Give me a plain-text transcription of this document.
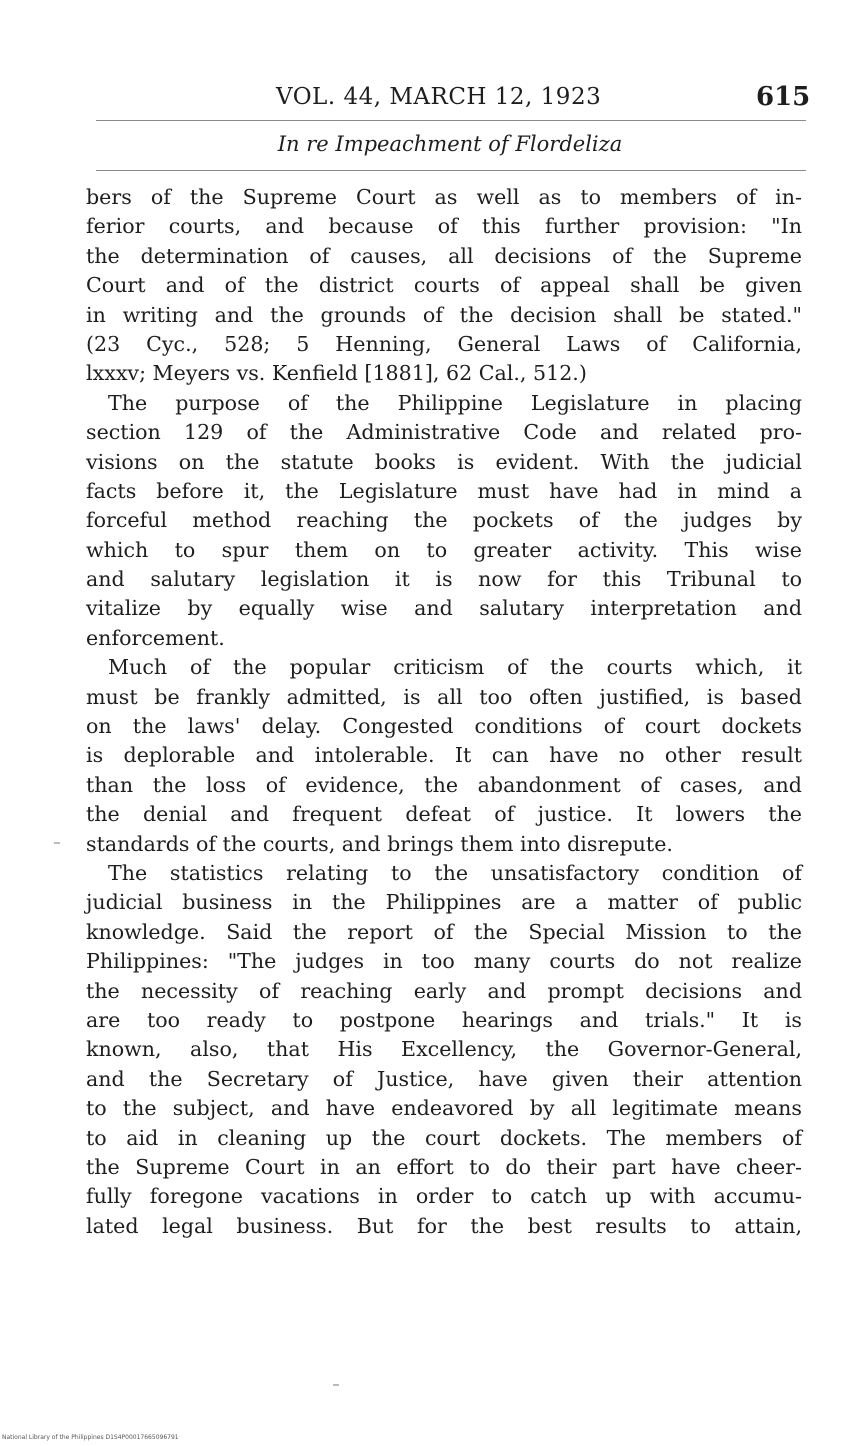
VOL. 44, MARCH 12, 1923	615
In re Impeachment of Flordeliza
bers of the Supreme Court as well as to members of in-
ferior courts, and because of this further provision: "In
the determination of causes, all decisions of the Supreme
Court and of the district courts of appeal shall be given
in writing and the grounds of the decision shall be stated."
(23 Cyc., 528; 5 Henning, General Laws of California,
lxxxv; Meyers vs. Kenfield [1881], 62 Cal., 512.)
The purpose of the Philippine Legislature in placing
section 129 of the Administrative Code and related pro-
visions on the statute books is evident. With the judicial
facts before it, the Legislature must have had in mind a
forceful method reaching the pockets of the judges by
which to spur them on to greater activity. This wise
and salutary legislation it is now for this Tribunal to
vitalize by equally wise and salutary interpretation and
enforcement.
Much of the popular criticism of the courts which, it
must be frankly admitted, is all too often justified, is based
on the laws' delay. Congested conditions of court dockets
is deplorable and intolerable. It can have no other result
than the loss of evidence, the abandonment of cases, and
the denial and frequent defeat of justice. It lowers the
standards of the courts, and brings them into disrepute.
The statistics relating to the unsatisfactory condition of
judicial business in the Philippines are a matter of public
knowledge. Said the report of the Special Mission to the
Philippines: "The judges in too many courts do not realize
the necessity of reaching early and prompt decisions and
are too ready to postpone hearings and trials." It is
known, also, that His Excellency, the Governor-General,
and the Secretary of Justice, have given their attention
to the subject, and have endeavored by all legitimate means
to aid in cleaning up the court dockets. The members of
the Supreme Court in an effort to do their part have cheer-
fully foregone vacations in order to catch up with accumu-
lated legal business. But for the best results to attain,
National Library of the Philippines D1S4P00017665096791
